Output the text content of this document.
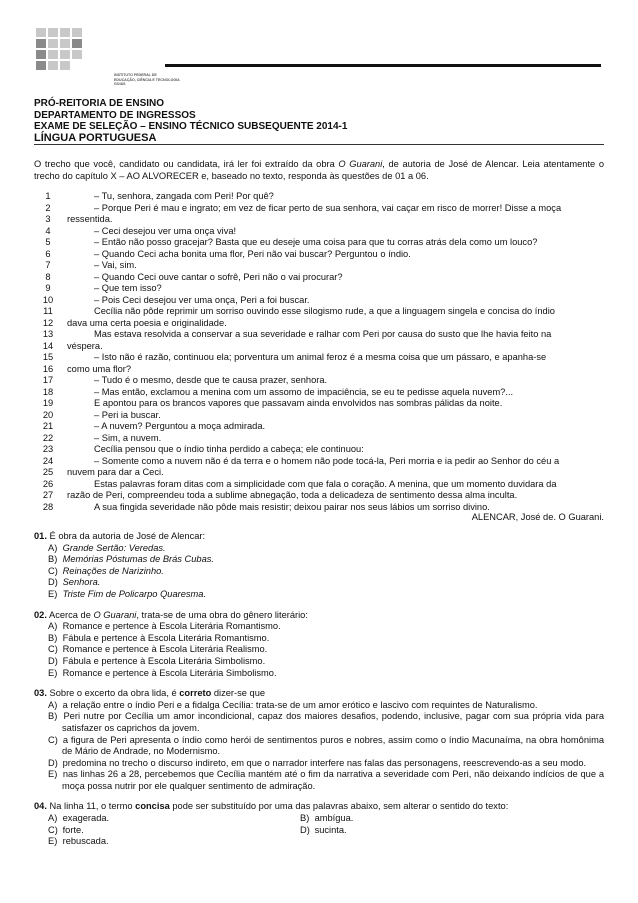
INSTITUTO FEDERAL DE
EDUCAÇÃO, CIÊNCIA E TECNOLOGIA
GOIÁS
PRÓ-REITORIA DE ENSINO
DEPARTAMENTO DE INGRESSOS
EXAME DE SELEÇÃO – ENSINO TÉCNICO SUBSEQUENTE 2014-1
LÍNGUA PORTUGUESA
O trecho que você, candidato ou candidata, irá ler foi extraído da obra O Guarani, de autoria de José de Alencar. Leia atentamente o trecho do capítulo X – AO ALVORECER e, baseado no texto, responda às questões de 01 a 06.
1	– Tu, senhora, zangada com Peri! Por quê?
2	– Porque Peri é mau e ingrato; em vez de ficar perto de sua senhora, vai caçar em risco de morrer! Disse a moça
3	ressentida.
4	– Ceci desejou ver uma onça viva!
5	– Então não posso gracejar? Basta que eu deseje uma coisa para que tu corras atrás dela como um louco?
6	– Quando Ceci acha bonita uma flor, Peri não vai buscar? Perguntou o índio.
7	– Vai, sim.
8	– Quando Ceci ouve cantar o sofrê, Peri não o vai procurar?
9	– Que tem isso?
10	– Pois Ceci desejou ver uma onça, Peri a foi buscar.
11	Cecília não pôde reprimir um sorriso ouvindo esse silogismo rude, a que a linguagem singela e concisa do índio
12	dava uma certa poesia e originalidade.
13	Mas estava resolvida a conservar a sua severidade e ralhar com Peri por causa do susto que lhe havia feito na
14	véspera.
15	– Isto não é razão, continuou ela; porventura um animal feroz é a mesma coisa que um pássaro, e apanha-se
16	como uma flor?
17	– Tudo é o mesmo, desde que te causa prazer, senhora.
18	– Mas então, exclamou a menina com um assomo de impaciência, se eu te pedisse aquela nuvem?...
19	E apontou para os brancos vapores que passavam ainda envolvidos nas sombras pálidas da noite.
20	– Peri ia buscar.
21	– A nuvem? Perguntou a moça admirada.
22	– Sim, a nuvem.
23	Cecília pensou que o índio tinha perdido a cabeça; ele continuou:
24	– Somente como a nuvem não é da terra e o homem não pode tocá-la, Peri morria e ia pedir ao Senhor do céu a
25	nuvem para dar a Ceci.
26	Estas palavras foram ditas com a simplicidade com que fala o coração. A menina, que um momento duvidara da
27	razão de Peri, compreendeu toda a sublime abnegação, toda a delicadeza de sentimento dessa alma inculta.
28	A sua fingida severidade não pôde mais resistir; deixou pairar nos seus lábios um sorriso divino.
ALENCAR, José de. O Guarani.
01. É obra da autoria de José de Alencar:
A) Grande Sertão: Veredas.
B) Memórias Póstumas de Brás Cubas.
C) Reinações de Narizinho.
D) Senhora.
E) Triste Fim de Policarpo Quaresma.
02. Acerca de O Guarani, trata-se de uma obra do gênero literário:
A) Romance e pertence à Escola Literária Romantismo.
B) Fábula e pertence à Escola Literária Romantismo.
C) Romance e pertence à Escola Literária Realismo.
D) Fábula e pertence à Escola Literária Simbolismo.
E) Romance e pertence à Escola Literária Simbolismo.
03. Sobre o excerto da obra lida, é correto dizer-se que
A) a relação entre o índio Peri e a fidalga Cecília: trata-se de um amor erótico e lascivo com requintes de Naturalismo.
B) Peri nutre por Cecília um amor incondicional, capaz dos maiores desafios, podendo, inclusive, pagar com sua própria vida para satisfazer os caprichos da jovem.
C) a figura de Peri apresenta o índio como herói de sentimentos puros e nobres, assim como o índio Macunaíma, na obra homônima de Mário de Andrade, no Modernismo.
D) predomina no trecho o discurso indireto, em que o narrador interfere nas falas das personagens, reescrevendo-as a seu modo.
E) nas linhas 26 a 28, percebemos que Cecília mantém até o fim da narrativa a severidade com Peri, não deixando indícios de que a moça possa nutrir por ele qualquer sentimento de admiração.
04. Na linha 11, o termo concisa pode ser substituído por uma das palavras abaixo, sem alterar o sentido do texto:
A) exagerada.	B) ambígua.
C) forte.	D) sucinta.
E) rebuscada.
